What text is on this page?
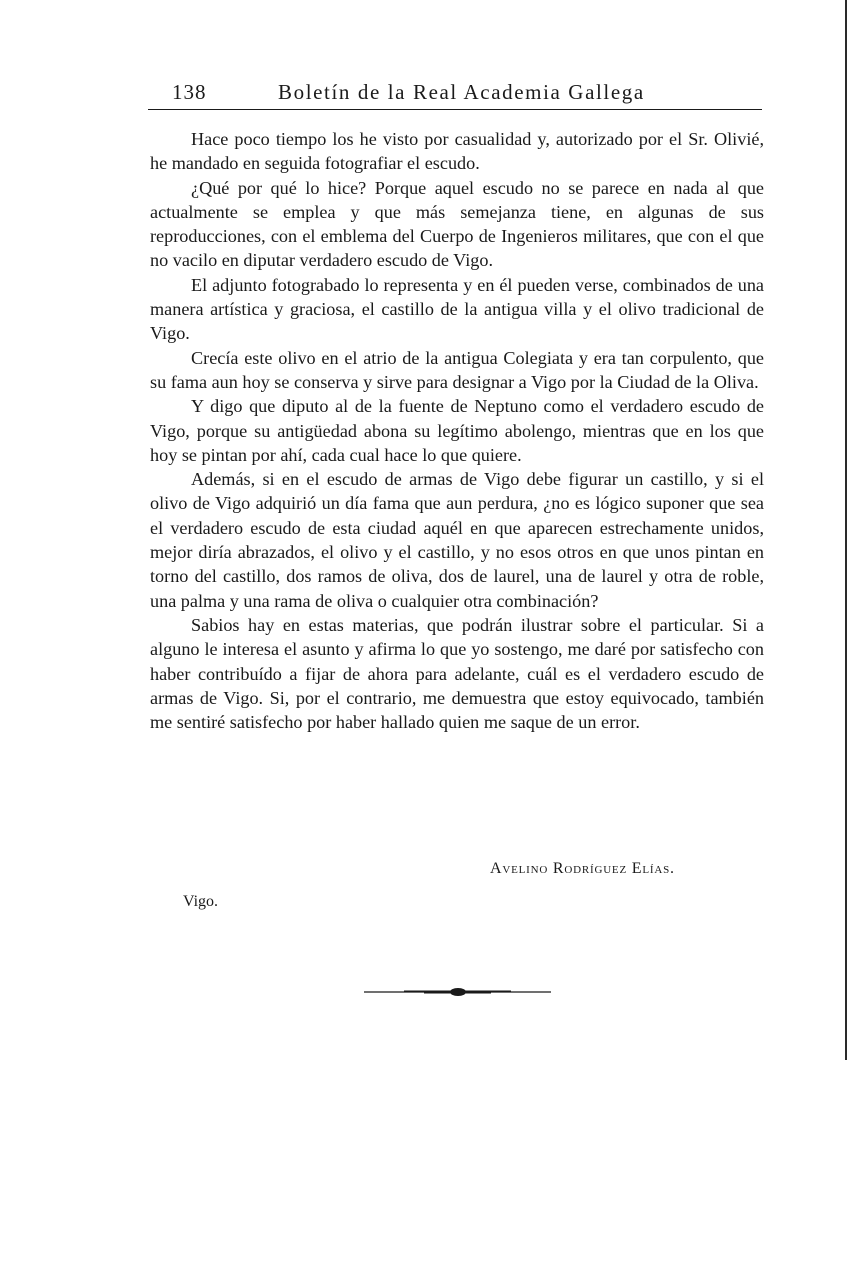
138	Boletín de la Real Academia Gallega

Hace poco tiempo los he visto por casualidad y, autorizado por el Sr. Olivié, he mandado en seguida fotografiar el escudo.

¿Qué por qué lo hice? Porque aquel escudo no se parece en nada al que actualmente se emplea y que más semejanza tiene, en algunas de sus reproducciones, con el emblema del Cuerpo de Ingenieros militares, que con el que no vacilo en diputar verdadero escudo de Vigo.

El adjunto fotograbado lo representa y en él pueden verse, combinados de una manera artística y graciosa, el castillo de la antigua villa y el olivo tradicional de Vigo.

Crecía este olivo en el atrio de la antigua Colegiata y era tan corpulento, que su fama aun hoy se conserva y sirve para designar a Vigo por la Ciudad de la Oliva.

Y digo que diputo al de la fuente de Neptuno como el verdadero escudo de Vigo, porque su antigüedad abona su legítimo abolengo, mientras que en los que hoy se pintan por ahí, cada cual hace lo que quiere.

Además, si en el escudo de armas de Vigo debe figurar un castillo, y si el olivo de Vigo adquirió un día fama que aun perdura, ¿no es lógico suponer que sea el verdadero escudo de esta ciudad aquél en que aparecen estrechamente unidos, mejor diría abrazados, el olivo y el castillo, y no esos otros en que unos pintan en torno del castillo, dos ramos de oliva, dos de laurel, una de laurel y otra de roble, una palma y una rama de oliva o cualquier otra combinación?

Sabios hay en estas materias, que podrán ilustrar sobre el particular. Si a alguno le interesa el asunto y afirma lo que yo sostengo, me daré por satisfecho con haber contribuído a fijar de ahora para adelante, cuál es el verdadero escudo de armas de Vigo. Si, por el contrario, me demuestra que estoy equivocado, también me sentiré satisfecho por haber hallado quien me saque de un error.

Avelino Rodríguez Elías.
Vigo.
